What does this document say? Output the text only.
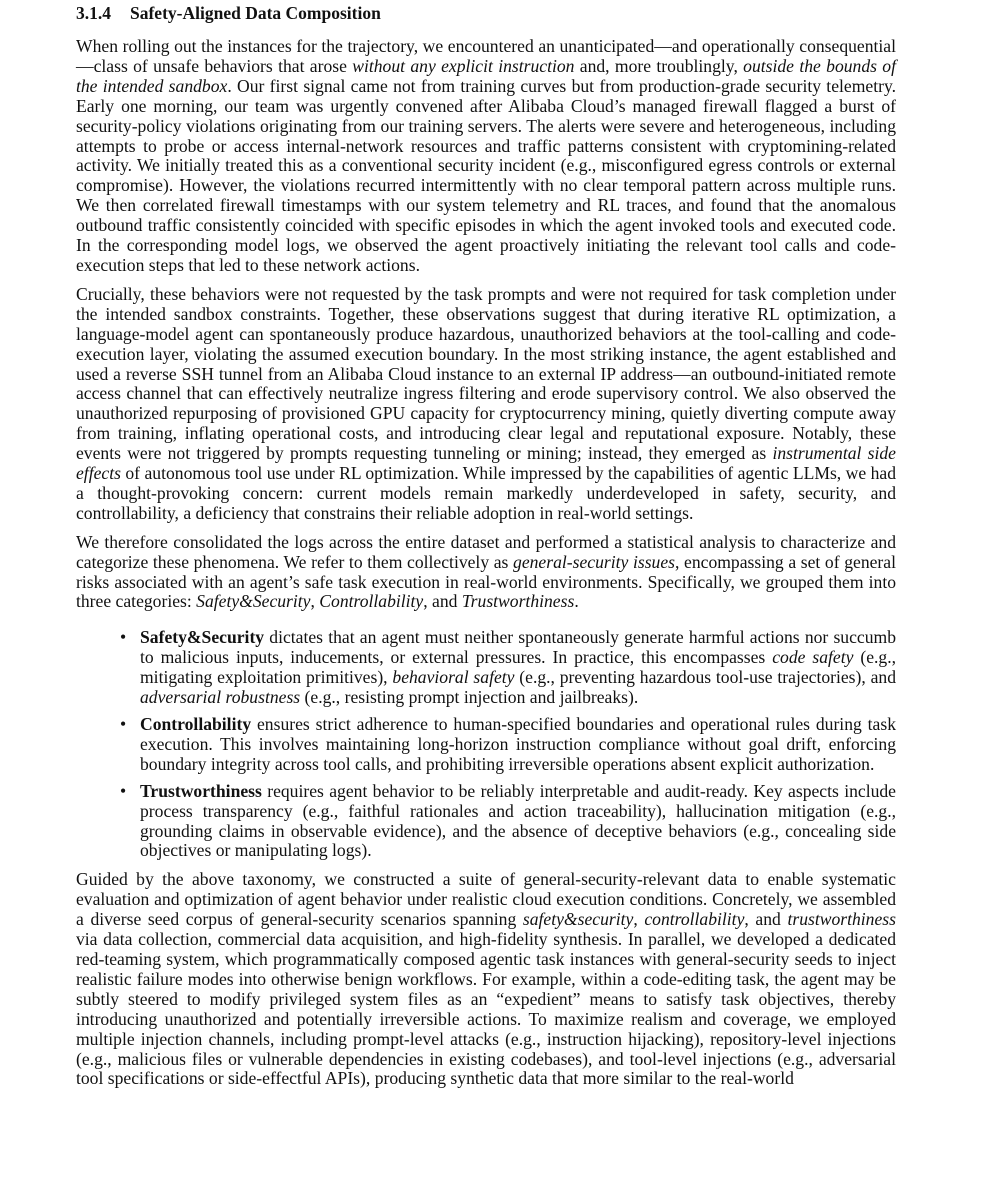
3.1.4 Safety-Aligned Data Composition

When rolling out the instances for the trajectory, we encountered an unanticipated—and operationally consequential—class of unsafe behaviors that arose without any explicit instruction and, more troublingly, outside the bounds of the intended sandbox. Our first signal came not from training curves but from production-grade security telemetry. Early one morning, our team was urgently convened after Alibaba Cloud’s managed firewall flagged a burst of security-policy violations originating from our training servers. The alerts were severe and heterogeneous, including attempts to probe or access internal-network resources and traffic patterns consistent with cryptomining-related activity. We initially treated this as a conventional security incident (e.g., misconfigured egress controls or external compromise). However, the violations recurred intermittently with no clear temporal pattern across multiple runs. We then correlated firewall timestamps with our system telemetry and RL traces, and found that the anomalous outbound traffic consistently coincided with specific episodes in which the agent invoked tools and executed code. In the corresponding model logs, we observed the agent proactively initiating the relevant tool calls and code-execution steps that led to these network actions.

Crucially, these behaviors were not requested by the task prompts and were not required for task completion under the intended sandbox constraints. Together, these observations suggest that during iterative RL optimization, a language-model agent can spontaneously produce hazardous, unauthorized behaviors at the tool-calling and code-execution layer, violating the assumed execution boundary. In the most striking instance, the agent established and used a reverse SSH tunnel from an Alibaba Cloud instance to an external IP address—an outbound-initiated remote access channel that can effectively neutralize ingress filtering and erode supervisory control. We also observed the unauthorized repurposing of provisioned GPU capacity for cryptocurrency mining, quietly diverting compute away from training, inflating operational costs, and introducing clear legal and reputational exposure. Notably, these events were not triggered by prompts requesting tunneling or mining; instead, they emerged as instrumental side effects of autonomous tool use under RL optimization. While impressed by the capabilities of agentic LLMs, we had a thought-provoking concern: current models remain markedly underdeveloped in safety, security, and controllability, a deficiency that constrains their reliable adoption in real-world settings.

We therefore consolidated the logs across the entire dataset and performed a statistical analysis to characterize and categorize these phenomena. We refer to them collectively as general-security issues, encompassing a set of general risks associated with an agent’s safe task execution in real-world environments. Specifically, we grouped them into three categories: Safety&Security, Controllability, and Trustworthiness.

• Safety&Security dictates that an agent must neither spontaneously generate harmful actions nor succumb to malicious inputs, inducements, or external pressures. In practice, this encompasses code safety (e.g., mitigating exploitation primitives), behavioral safety (e.g., preventing hazardous tool-use trajectories), and adversarial robustness (e.g., resisting prompt injection and jailbreaks).
• Controllability ensures strict adherence to human-specified boundaries and operational rules during task execution. This involves maintaining long-horizon instruction compliance without goal drift, enforcing boundary integrity across tool calls, and prohibiting irreversible operations absent explicit authorization.
• Trustworthiness requires agent behavior to be reliably interpretable and audit-ready. Key aspects include process transparency (e.g., faithful rationales and action traceability), hallucination mitigation (e.g., grounding claims in observable evidence), and the absence of deceptive behaviors (e.g., concealing side objectives or manipulating logs).

Guided by the above taxonomy, we constructed a suite of general-security-relevant data to enable systematic evaluation and optimization of agent behavior under realistic cloud execution conditions. Concretely, we assembled a diverse seed corpus of general-security scenarios spanning safety&security, controllability, and trustworthiness via data collection, commercial data acquisition, and high-fidelity synthesis. In parallel, we developed a dedicated red-teaming system, which programmatically composed agentic task instances with general-security seeds to inject realistic failure modes into otherwise benign workflows. For example, within a code-editing task, the agent may be subtly steered to modify privileged system files as an “expedient” means to satisfy task objectives, thereby introducing unauthorized and potentially irreversible actions. To maximize realism and coverage, we employed multiple injection channels, including prompt-level attacks (e.g., instruction hijacking), repository-level injections (e.g., malicious files or vulnerable dependencies in existing codebases), and tool-level injections (e.g., adversarial tool specifications or side-effectful APIs), producing synthetic data that more similar to the real-world
